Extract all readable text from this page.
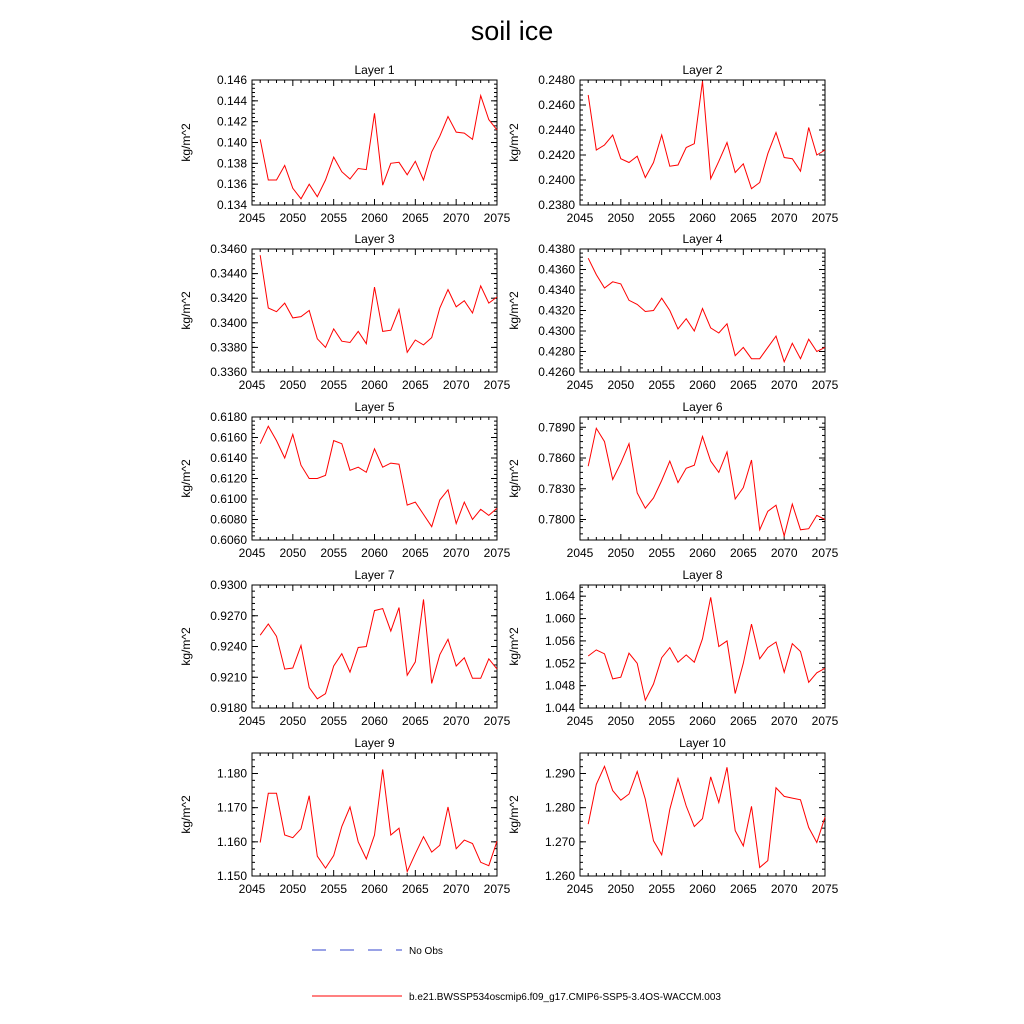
soil ice
Layer 1
kg/m^2
2045 2050 2055 2060 2065 2070 2075
0.134
0.136
0.138
0.140
0.142
0.144
0.146
Layer 2
kg/m^2
2045 2050 2055 2060 2065 2070 2075
0.2380
0.2400
0.2420
0.2440
0.2460
0.2480
Layer 3
kg/m^2
2045 2050 2055 2060 2065 2070 2075
0.3360
0.3380
0.3400
0.3420
0.3440
0.3460
Layer 4
kg/m^2
2045 2050 2055 2060 2065 2070 2075
0.4260
0.4280
0.4300
0.4320
0.4340
0.4360
0.4380
Layer 5
kg/m^2
2045 2050 2055 2060 2065 2070 2075
0.6060
0.6080
0.6100
0.6120
0.6140
0.6160
0.6180
Layer 6
kg/m^2
2045 2050 2055 2060 2065 2070 2075
0.7800
0.7830
0.7860
0.7890
Layer 7
kg/m^2
2045 2050 2055 2060 2065 2070 2075
0.9180
0.9210
0.9240
0.9270
0.9300
Layer 8
kg/m^2
2045 2050 2055 2060 2065 2070 2075
1.044
1.048
1.052
1.056
1.060
1.064
Layer 9
kg/m^2
2045 2050 2055 2060 2065 2070 2075
1.150
1.160
1.170
1.180
Layer 10
kg/m^2
2045 2050 2055 2060 2065 2070 2075
1.260
1.270
1.280
1.290
No Obs
b.e21.BWSSP534oscmip6.f09_g17.CMIP6-SSP5-3.4OS-WACCM.003
